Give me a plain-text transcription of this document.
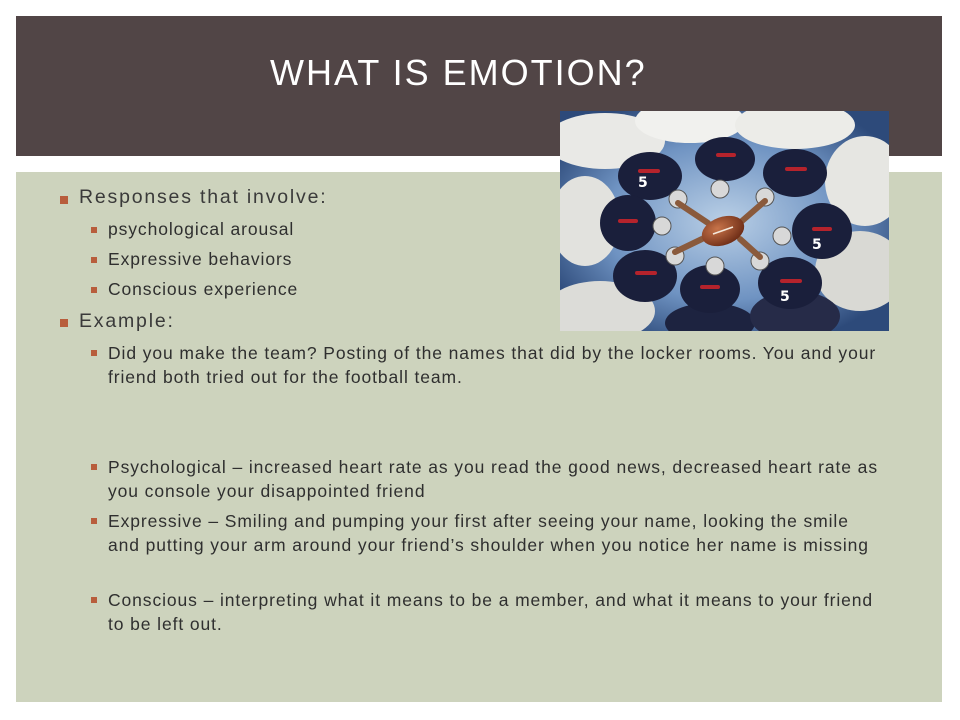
WHAT IS EMOTION?
Responses that involve:
psychological arousal
Expressive behaviors
Conscious experience
Example:
Did you make the team? Posting of the names that did by the locker rooms. You and your friend both tried out for the football team.
Psychological – increased heart rate as you read the good news, decreased heart rate as you console your disappointed friend
Expressive – Smiling and pumping your first after seeing your name, looking the smile and putting your arm around your friend’s shoulder when you notice her name is missing
Conscious – interpreting what it means to be a member, and what it means to your friend to be left out.
5
5
5
